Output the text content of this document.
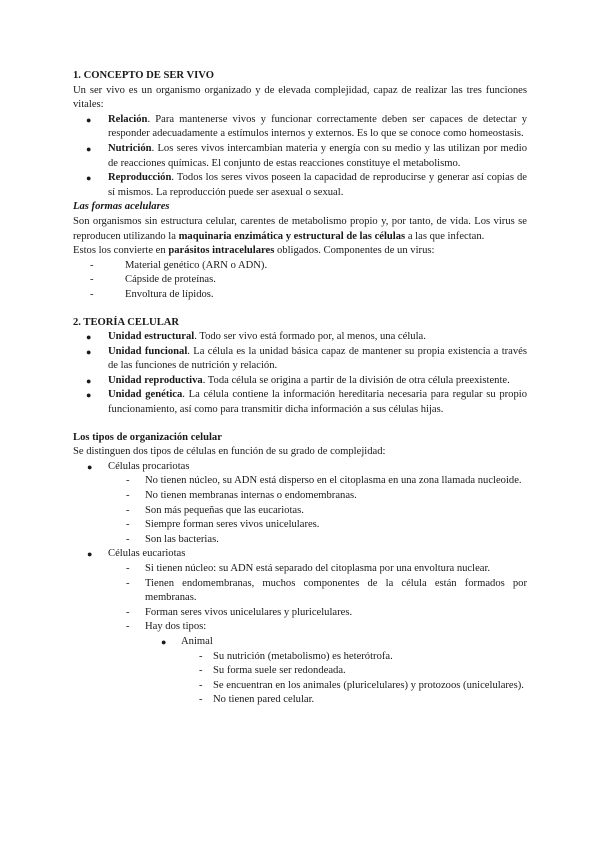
1. CONCEPTO DE SER VIVO

Un ser vivo es un organismo organizado y de elevada complejidad, capaz de realizar las tres funciones vitales:

● Relación. Para mantenerse vivos y funcionar correctamente deben ser capaces de detectar y responder adecuadamente a estímulos internos y externos. Es lo que se conoce como homeostasis.
● Nutrición. Los seres vivos intercambian materia y energía con su medio y las utilizan por medio de reacciones químicas. El conjunto de estas reacciones constituye el metabolismo.
● Reproducción. Todos los seres vivos poseen la capacidad de reproducirse y generar así copias de sí mismos. La reproducción puede ser asexual o sexual.

Las formas acelulares

Son organismos sin estructura celular, carentes de metabolismo propio y, por tanto, de vida. Los virus se reproducen utilizando la maquinaria enzimática y estructural de las células a las que infectan.

Estos los convierte en parásitos intracelulares obligados. Componentes de un virus:

-	Material genético (ARN o ADN).
-	Cápside de proteínas.
-	Envoltura de lípidos.

2. TEORÍA CELULAR

● Unidad estructural. Todo ser vivo está formado por, al menos, una célula.
● Unidad funcional. La célula es la unidad básica capaz de mantener su propia existencia a través de las funciones de nutrición y relación.
● Unidad reproductiva. Toda célula se origina a partir de la división de otra célula preexistente.
● Unidad genética. La célula contiene la información hereditaria necesaria para regular su propio funcionamiento, así como para transmitir dicha información a sus células hijas.

Los tipos de organización celular

Se distinguen dos tipos de células en función de su grado de complejidad:

● Células procariotas
- No tienen núcleo, su ADN está disperso en el citoplasma en una zona llamada nucleoide.
- No tienen membranas internas o endomembranas.
- Son más pequeñas que las eucariotas.
- Siempre forman seres vivos unicelulares.
- Son las bacterias.
● Células eucariotas
- Si tienen núcleo: su ADN está separado del citoplasma por una envoltura nuclear.
- Tienen endomembranas, muchos componentes de la célula están formados por membranas.
- Forman seres vivos unicelulares y pluricelulares.
- Hay dos tipos:
● Animal
- Su nutrición (metabolismo) es heterótrofa.
- Su forma suele ser redondeada.
- Se encuentran en los animales (pluricelulares) y protozoos (unicelulares).
- No tienen pared celular.
